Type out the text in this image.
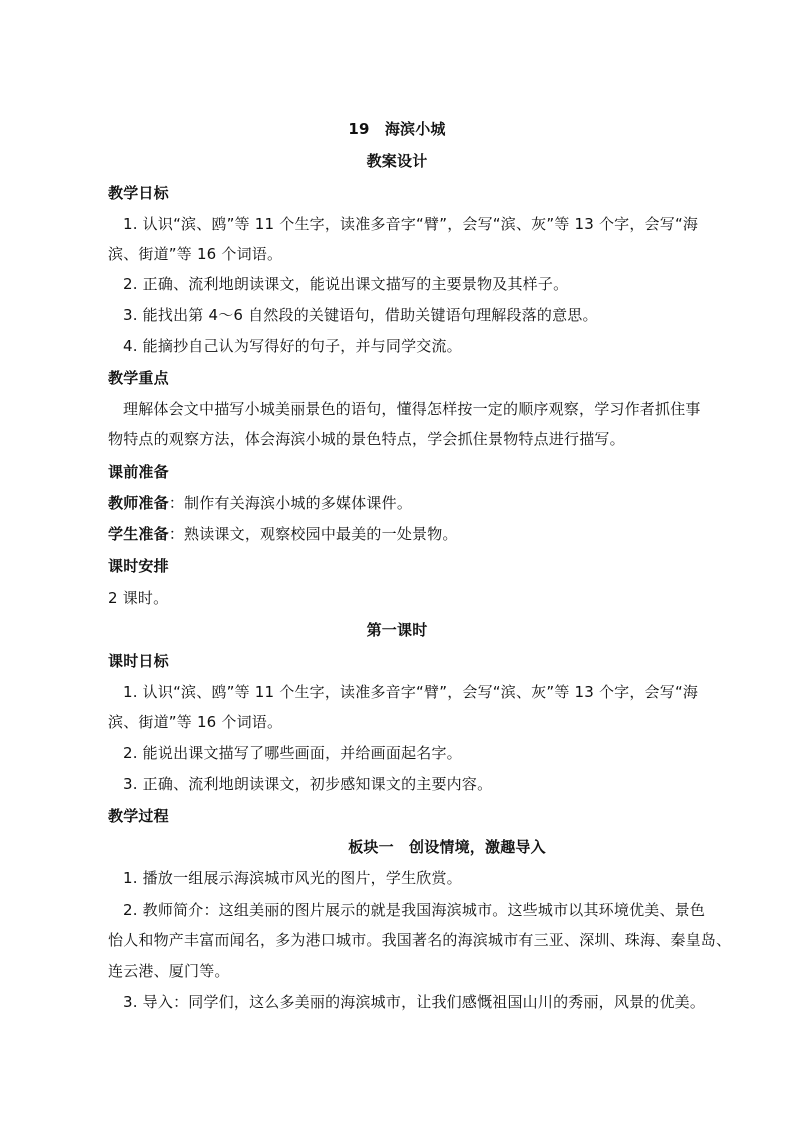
19　海滨小城
教案设计
教学日标
1. 认识“滨、鸥”等 11 个生字，读准多音字“臂”，会写“滨、灰”等 13 个字，会写“海
滨、街道”等 16 个词语。
2. 正确、流利地朗读课文，能说出课文描写的主要景物及其样子。
3. 能找出第 4～6 自然段的关键语句，借助关键语句理解段落的意思。
4. 能摘抄自己认为写得好的句子，并与同学交流。
教学重点
理解体会文中描写小城美丽景色的语句，懂得怎样按一定的顺序观察，学习作者抓住事
物特点的观察方法，体会海滨小城的景色特点，学会抓住景物特点进行描写。
课前准备
教师准备：制作有关海滨小城的多媒体课件。
学生准备：熟读课文，观察校园中最美的一处景物。
课时安排
2 课时。
第一课时
课时日标
1. 认识“滨、鸥”等 11 个生字，读准多音字“臂”，会写“滨、灰”等 13 个字，会写“海
滨、街道”等 16 个词语。
2. 能说出课文描写了哪些画面，并给画面起名字。
3. 正确、流利地朗读课文，初步感知课文的主要内容。
教学过程
板块一　创设情境，激趣导入
1. 播放一组展示海滨城市风光的图片，学生欣赏。
2. 教师简介：这组美丽的图片展示的就是我国海滨城市。这些城市以其环境优美、景色
怡人和物产丰富而闻名，多为港口城市。我国著名的海滨城市有三亚、深圳、珠海、秦皇岛、
连云港、厦门等。
3. 导入：同学们，这么多美丽的海滨城市，让我们感慨祖国山川的秀丽，风景的优美。
